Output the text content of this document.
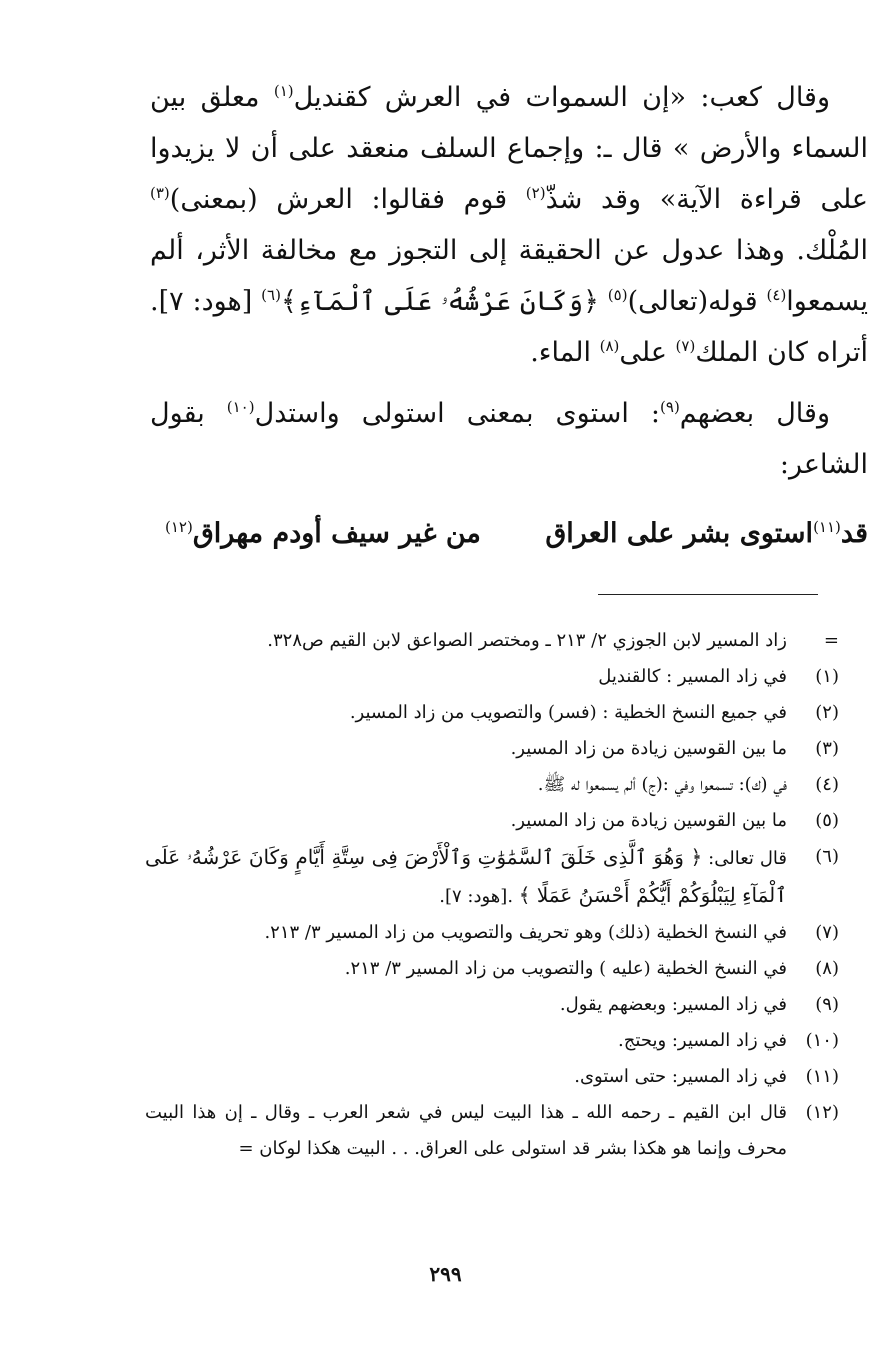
وقال كعب: «إن السموات في العرش كقنديل$^{(١)}$ معلق بين السماء والأرض » قال ـ: وإجماع السلف منعقد على أن لا يزيدوا على قراءة الآية» وقد شذّ$^{(٢)}$ قوم فقالوا: العرش (بمعنى)$^{(٣)}$ المُلْك. وهذا عدول عن الحقيقة إلى التجوز مع مخالفة الأثر، ألم يسمعوا$^{(٤)}$ قوله(تعالى)$^{(٥)}$ ﴿وَكَانَ عَرْشُهُۥ عَلَى ٱلْمَآءِ﴾$^{(٦)}$ [هود: ٧]. أتراه كان الملك$^{(٧)}$ على$^{(٨)}$ الماء.

وقال بعضهم$^{(٩)}$: استوى بمعنى استولى واستدل$^{(١٠)}$ بقول الشاعر:

قد$^{(١١)}$استوى بشر على العراق
من غير سيف أودم مهراق$^{(١٢)}$
=
زاد المسير لابن الجوزي ٢/ ٢١٣ ـ ومختصر الصواعق لابن القيم ص٣٢٨.
(١)
في زاد المسير : كالقنديل
(٢)
في جميع النسخ الخطية : (فسر) والتصويب من زاد المسير.
(٣)
ما بين القوسين زيادة من زاد المسير.
(٤)
في (ك): تسمعوا وفي :(ج) ألم يسمعوا له ﷺ.
(٥)
ما بين القوسين زيادة من زاد المسير.
(٦)
قال تعالى: ﴿ وَهُوَ ٱلَّذِى خَلَقَ ٱلسَّمَٰوَٰتِ وَٱلْأَرْضَ فِى سِتَّةِ أَيَّامٍ وَكَانَ عَرْشُهُۥ عَلَى ٱلْمَآءِ لِيَبْلُوَكُمْ أَيُّكُمْ أَحْسَنُ عَمَلًا ﴾ .[هود: ٧].
(٧)
في النسخ الخطية (ذلك) وهو تحريف والتصويب من زاد المسير ٣/ ٢١٣.
(٨)
في النسخ الخطية (عليه ) والتصويب من زاد المسير ٣/ ٢١٣.
(٩)
في زاد المسير: وبعضهم يقول.
(١٠)
في زاد المسير: ويحتج.
(١١)
في زاد المسير: حتى استوى.
(١٢)
قال ابن القيم ـ رحمه الله ـ هذا البيت ليس في شعر العرب ـ وقال ـ إن هذا البيت محرف وإنما هو هكذا بشر قد استولى على العراق. . . البيت هكذا لوكان =
٢٩٩
